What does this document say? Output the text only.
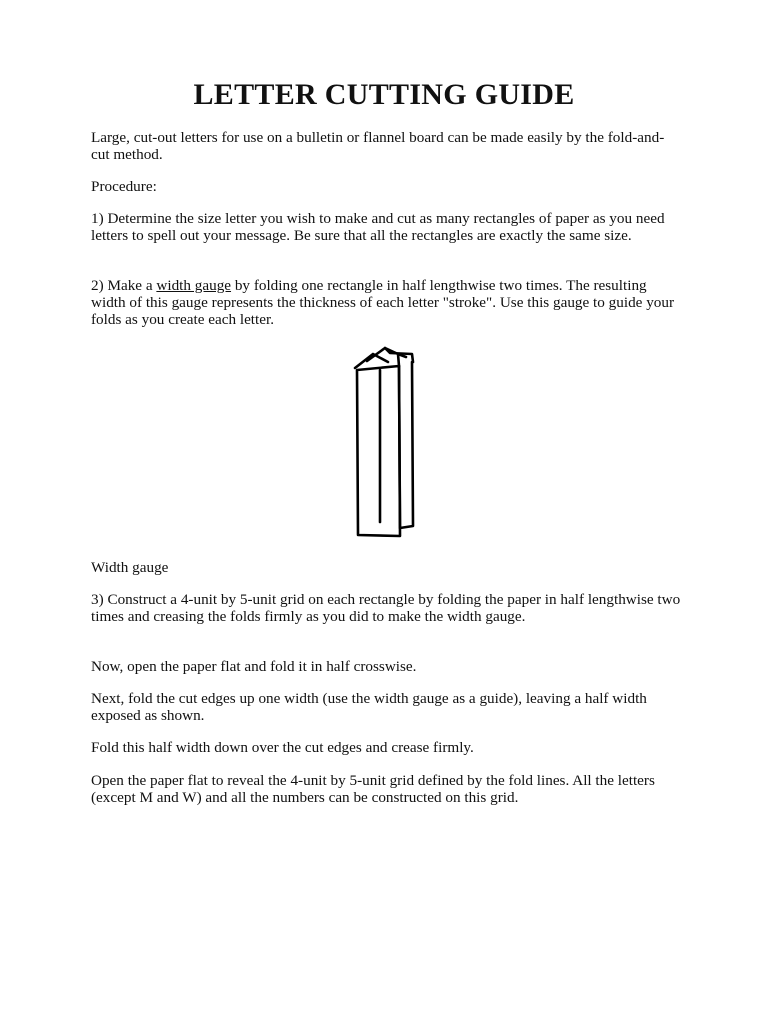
LETTER CUTTING GUIDE

Large, cut-out letters for use on a bulletin or flannel board can be made easily by the fold-and-cut method.

Procedure:

1) Determine the size letter you wish to make and cut as many rectangles of paper as you need letters to spell out your message. Be sure that all the rectangles are exactly the same size.

2) Make a width gauge by folding one rectangle in half lengthwise two times. The resulting width of this gauge represents the thickness of each letter "stroke". Use this gauge to guide your folds as you create each letter.

Width gauge

3) Construct a 4-unit by 5-unit grid on each rectangle by folding the paper in half lengthwise two times and creasing the folds firmly as you did to make the width gauge.

Now, open the paper flat and fold it in half crosswise.

Next, fold the cut edges up one width (use the width gauge as a guide), leaving a half width exposed as shown.

Fold this half width down over the cut edges and crease firmly.

Open the paper flat to reveal the 4-unit by 5-unit grid defined by the fold lines. All the letters (except M and W) and all the numbers can be constructed on this grid.
